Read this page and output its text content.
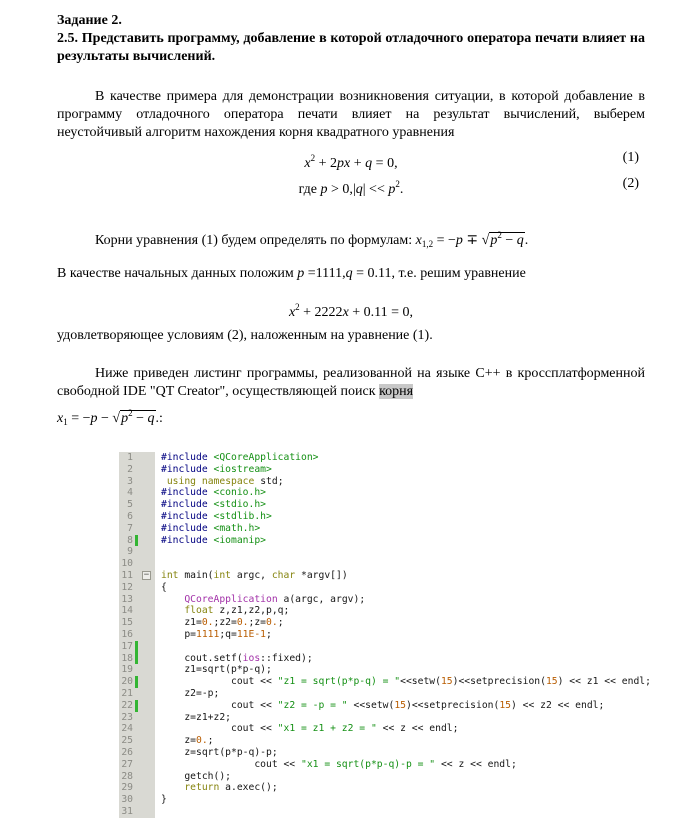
Задание 2.

2.5. Представить программу, добавление в которой отладочного оператора печати влияет на результаты вычислений.

В качестве примера для демонстрации возникновения ситуации, в которой добавление в программу отладочного оператора печати влияет на результат вычислений, выберем неустойчивый алгоритм нахождения корня квадратного уравнения

$x^2 + 2px + q = 0$,	(1)
где $p > 0,|q| << p^2$.	(2)

Корни уравнения (1) будем определять по формулам: $x_{1,2} = -p \mp √p^2 - q$.

В качестве начальных данных положим p =1111,q = 0.11, т.е. решим уравнение

$x^2 + 2222x + 0.11 = 0$,

удовлетворяющее условиям (2), наложенным на уравнение (1).

Ниже приведен листинг программы, реализованной на языке C++ в кроссплатформенной свободной IDE "QT Creator", осуществляющей поиск корня

$x_1 = -p - √p^2 - q$.:
1	#include <QCoreApplication>
2	#include <iostream>
3	using namespace std;
4	#include <conio.h>
5	#include <stdio.h>
6	#include <stdlib.h>
7	#include <math.h>
8	#include <iomanip>
9
10
11 −	int main(int argc, char *argv[])
12	{
13	QCoreApplication a(argc, argv);
14	float z,z1,z2,p,q;
15	z1=0.;z2=0.;z=0.;
16	p=1111;q=11E-1;
17
18	cout.setf(ios::fixed);
19	z1=sqrt(p*p-q);
20	cout << "z1 = sqrt(p*p-q) = "<<setw(15)<<setprecision(15) << z1 << endl;
21	z2=-p;
22	cout << "z2 = -p = " <<setw(15)<<setprecision(15) << z2 << endl;
23	z=z1+z2;
24	cout << "x1 = z1 + z2 = " << z << endl;
25	z=0.;
26	z=sqrt(p*p-q)-p;
27	cout << "x1 = sqrt(p*p-q)-p = " << z << endl;
28	getch();
29	return a.exec();
30	}
31
